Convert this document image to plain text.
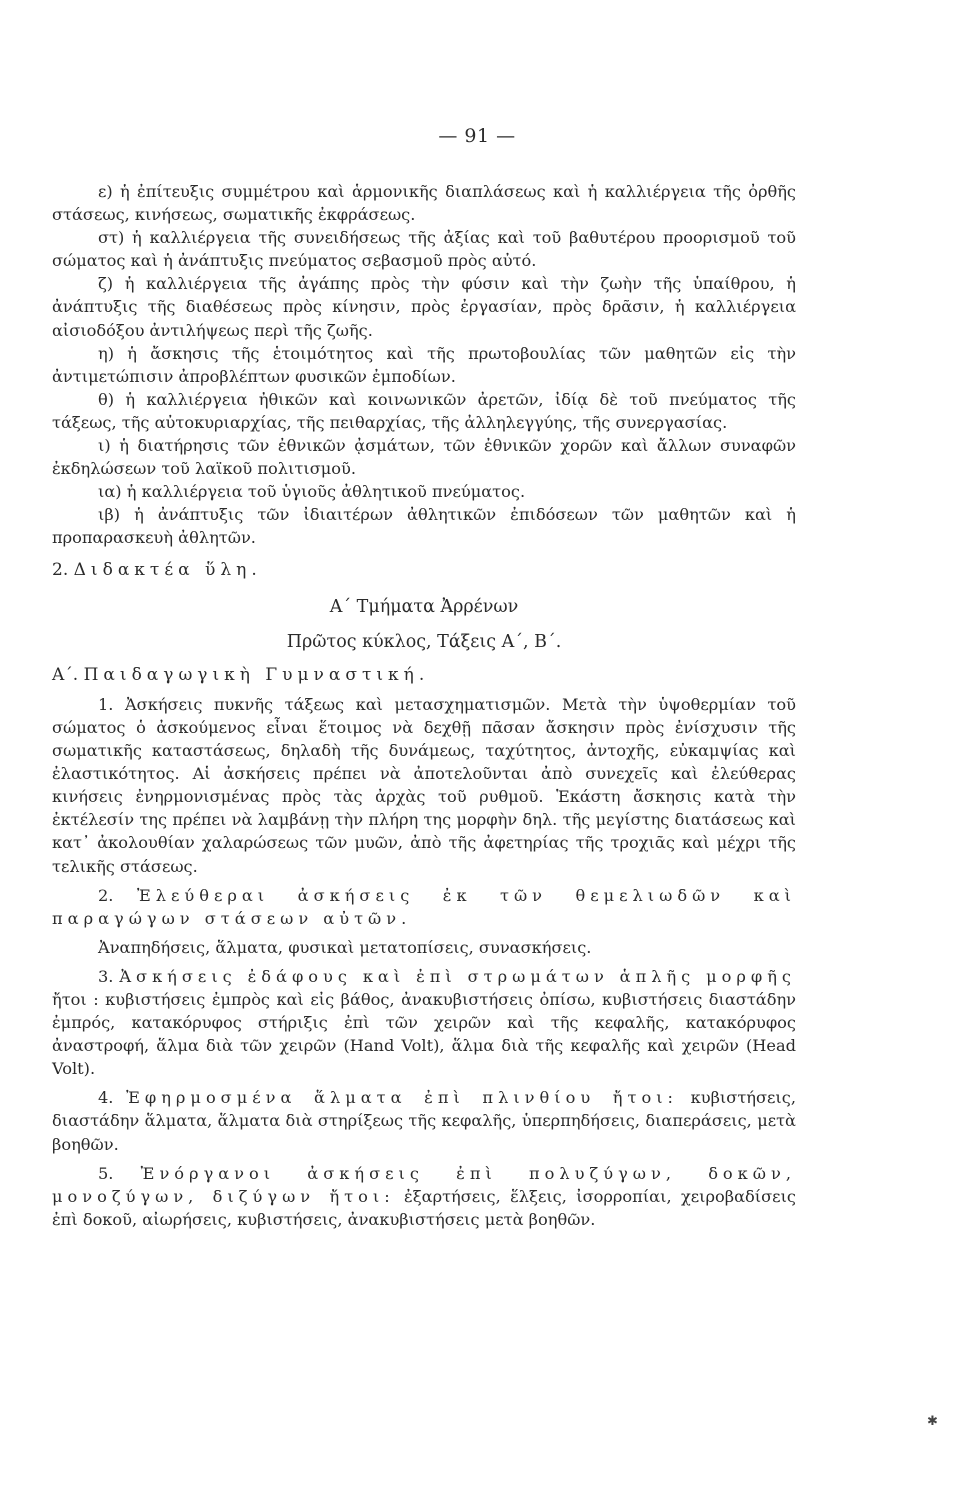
— 91 —

ε) ἡ ἐπίτευξις συμμέτρου καὶ ἁρμονικῆς διαπλάσεως καὶ ἡ καλλιέργεια τῆς ὀρθῆς στάσεως, κινήσεως, σωματικῆς ἐκφράσεως.

στ) ἡ καλλιέργεια τῆς συνειδήσεως τῆς ἀξίας καὶ τοῦ βαθυτέρου προορισμοῦ τοῦ σώματος καὶ ἡ ἀνάπτυξις πνεύματος σεβασμοῦ πρὸς αὐτό.

ζ) ἡ καλλιέργεια τῆς ἀγάπης πρὸς τὴν φύσιν καὶ τὴν ζωὴν τῆς ὑπαίθρου, ἡ ἀνάπτυξις τῆς διαθέσεως πρὸς κίνησιν, πρὸς ἐργασίαν, πρὸς δρᾶσιν, ἡ καλλιέργεια αἰσιοδόξου ἀντιλήψεως περὶ τῆς ζωῆς.

η) ἡ ἄσκησις τῆς ἑτοιμότητος καὶ τῆς πρωτοβουλίας τῶν μαθητῶν εἰς τὴν ἀντιμετώπισιν ἀπροβλέπτων φυσικῶν ἐμποδίων.

θ) ἡ καλλιέργεια ἠθικῶν καὶ κοινωνικῶν ἀρετῶν, ἰδίᾳ δὲ τοῦ πνεύματος τῆς τάξεως, τῆς αὐτοκυριαρχίας, τῆς πειθαρχίας, τῆς ἀλληλεγγύης, τῆς συνεργασίας.

ι) ἡ διατήρησις τῶν ἐθνικῶν ᾀσμάτων, τῶν ἐθνικῶν χορῶν καὶ ἄλλων συναφῶν ἐκδηλώσεων τοῦ λαϊκοῦ πολιτισμοῦ.

ια) ἡ καλλιέργεια τοῦ ὑγιοῦς ἀθλητικοῦ πνεύματος.

ιβ) ἡ ἀνάπτυξις τῶν ἰδιαιτέρων ἀθλητικῶν ἐπιδόσεων τῶν μαθητῶν καὶ ἡ προπαρασκευὴ ἀθλητῶν.

2. Διδακτέα ὕλη.

Α΄ Τμήματα Ἀρρένων

Πρῶτος κύκλος, Τάξεις Α΄, Β΄.

Α΄. Παιδαγωγικὴ Γυμναστική.

1. Ἀσκήσεις πυκνῆς τάξεως καὶ μετασχηματισμῶν. Μετὰ τὴν ὑψοθερμίαν τοῦ σώματος ὁ ἀσκούμενος εἶναι ἕτοιμος νὰ δεχθῇ πᾶσαν ἄσκησιν πρὸς ἐνίσχυσιν τῆς σωματικῆς καταστάσεως, δηλαδὴ τῆς δυνάμεως, ταχύτητος, ἀντοχῆς, εὐκαμψίας καὶ ἐλαστικότητος. Αἱ ἀσκήσεις πρέπει νὰ ἀποτελοῦνται ἀπὸ συνεχεῖς καὶ ἐλεύθερας κινήσεις ἐνηρμονισμένας πρὸς τὰς ἀρχὰς τοῦ ρυθμοῦ. Ἑκάστη ἄσκησις κατὰ τὴν ἐκτέλεσίν της πρέπει νὰ λαμβάνῃ τὴν πλήρη της μορφὴν δηλ. τῆς μεγίστης διατάσεως καὶ κατ᾽ ἀκολουθίαν χαλαρώσεως τῶν μυῶν, ἀπὸ τῆς ἀφετηρίας τῆς τροχιᾶς καὶ μέχρι τῆς τελικῆς στάσεως.

2. Ἐλεύθεραι ἀσκήσεις ἐκ τῶν θεμελιωδῶν καὶ παραγώγων στάσεων αὐτῶν.

Ἀναπηδήσεις, ἅλματα, φυσικαὶ μετατοπίσεις, συνασκήσεις.

3. Ἀσκήσεις ἐδάφους καὶ ἐπὶ στρωμάτων ἁπλῆς μορφῆς ἤτοι : κυβιστήσεις ἐμπρὸς καὶ εἰς βάθος, ἀνακυβιστήσεις ὀπίσω, κυβιστήσεις διαστάδην ἐμπρός, κατακόρυφος στήριξις ἐπὶ τῶν χειρῶν καὶ τῆς κεφαλῆς, κατακόρυφος ἀναστροφή, ἅλμα διὰ τῶν χειρῶν (Hand Volt), ἅλμα διὰ τῆς κεφαλῆς καὶ χειρῶν (Head Volt).

4. Ἐφηρμοσμένα ἅλματα ἐπὶ πλινθίου ἤτοι: κυβιστήσεις, διαστάδην ἅλματα, ἅλματα διὰ στηρίξεως τῆς κεφαλῆς, ὑπερπηδήσεις, διαπεράσεις, μετὰ βοηθῶν.

5. Ἐνόργανοι ἀσκήσεις ἐπὶ πολυζύγων, δοκῶν, μονοζύγων, διζύγων ἤτοι: ἐξαρτήσεις, ἕλξεις, ἰσορροπίαι, χειροβαδίσεις ἐπὶ δοκοῦ, αἰωρήσεις, κυβιστήσεις, ἀνακυβιστήσεις μετὰ βοηθῶν.

✱
